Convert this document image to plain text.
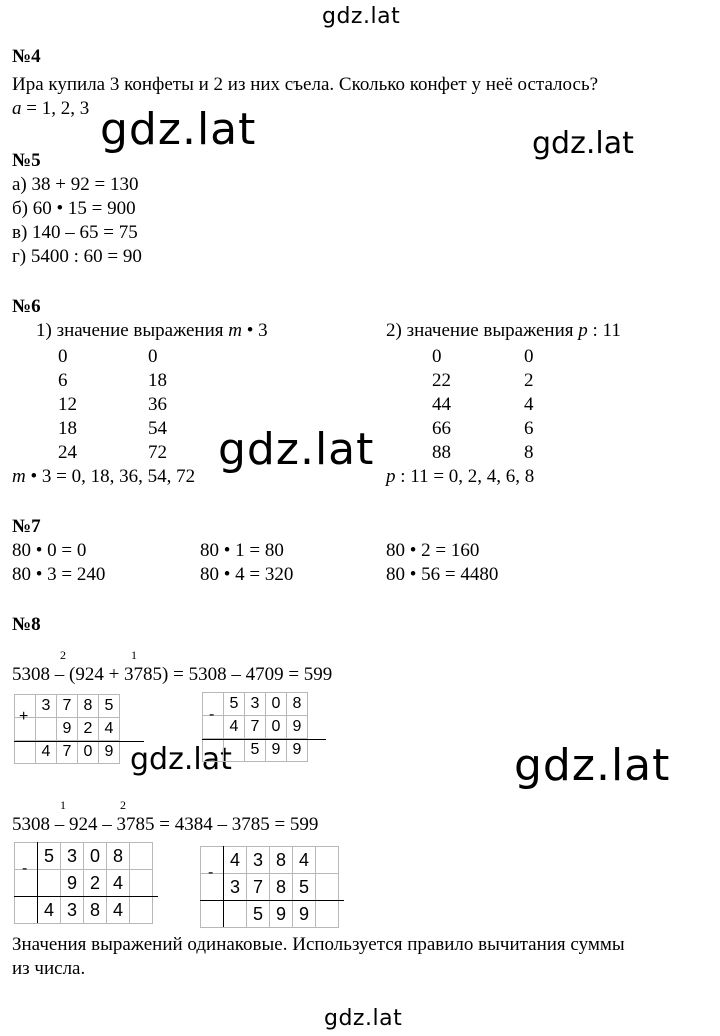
gdz.lat
gdz.lat	gdz.lat
gdz.lat
gdz.lat	gdz.lat
gdz.lat
№4
Ира купила 3 конфеты и 2 из них съела. Сколько конфет у неё осталось?
a = 1, 2, 3
№5
а) 38 + 92 = 130
б) 60 • 15 = 900
в) 140 – 65 = 75
г) 5400 : 60 = 90
№6
1) значение выражения m • 3	2) значение выражения p : 11
0	0
6	18
12	36
18	54
24	72
0	0
22	2
44	4
66	6
88	8
m • 3 = 0, 18, 36, 54, 72	p : 11 = 0, 2, 4, 6, 8
№7
80 • 0 = 0	80 • 1 = 80	80 • 2 = 160
80 • 3 = 240	80 • 4 = 320	80 • 56 = 4480
№8
2	1
5308 – (924 + 3785) = 5308 – 4709 = 599
	3	7	8	5
		9	2	4
	4	7	0	9
+
	5	3	0	8
	4	7	0	9
		5	9	9
-
1	2
5308 – 924 – 3785 = 4384 – 3785 = 599
	5	3	0	8	
		9	2	4	
	4	3	8	4	
-
		4	3	8	4	
	3	7	8	5	
		5	9	9	
-
Значения выражений одинаковые. Используется правило вычитания суммы
из числа.
